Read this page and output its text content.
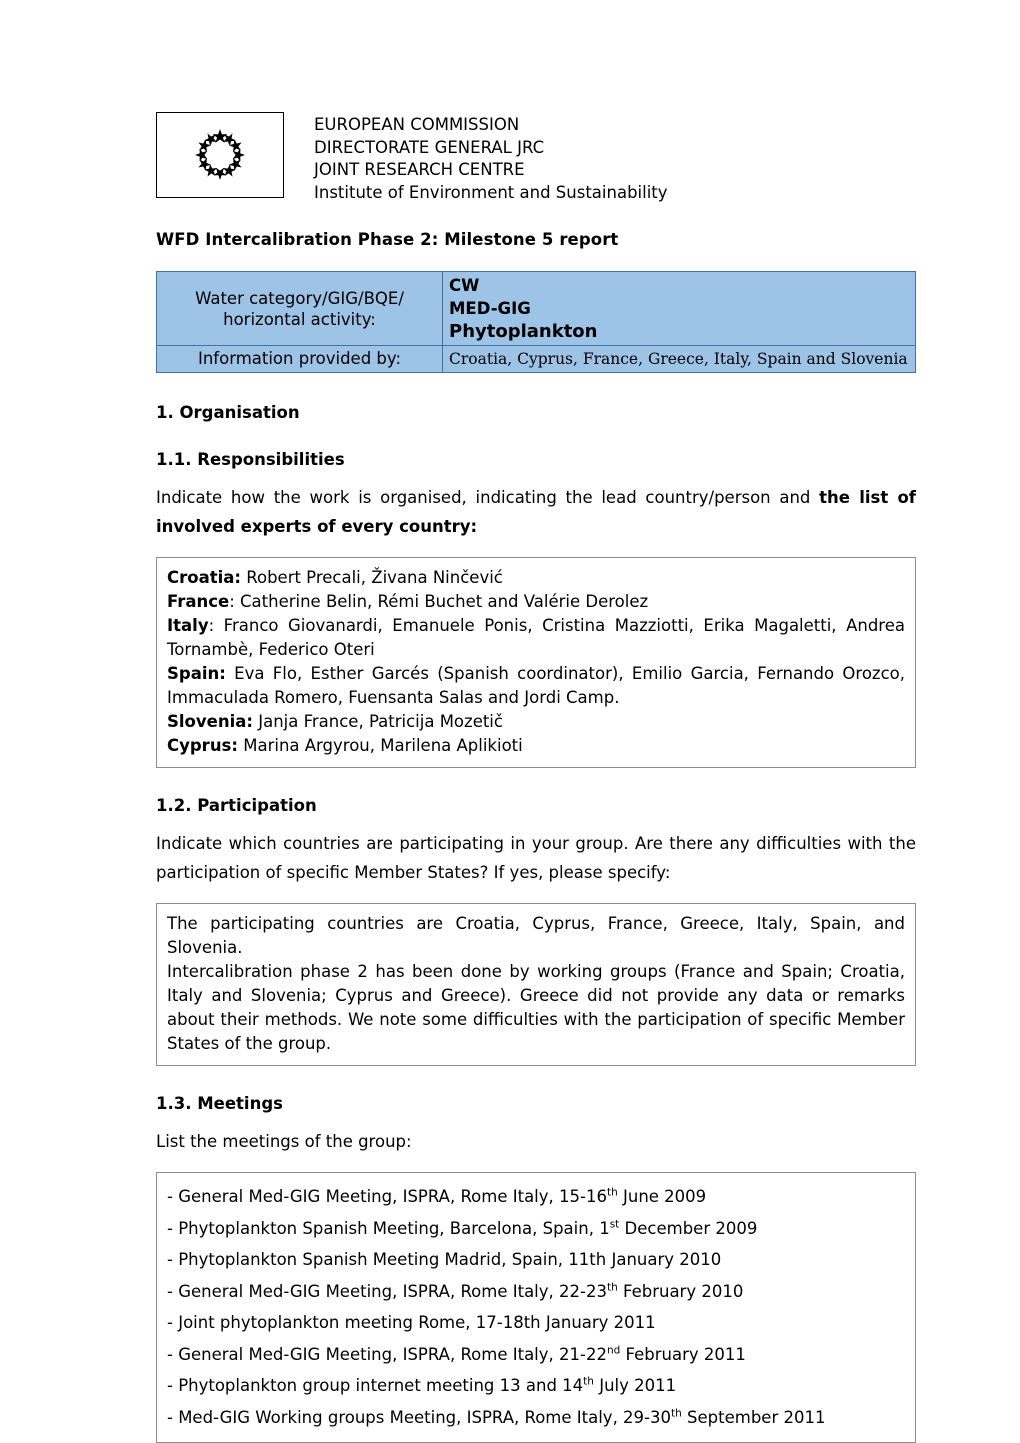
EUROPEAN COMMISSION
DIRECTORATE GENERAL JRC
JOINT RESEARCH CENTRE
Institute of Environment and Sustainability
WFD Intercalibration Phase 2: Milestone 5 report
Water category/GIG/BQE/ horizontal activity:	CW
MED-GIG
Phytoplankton

Information provided by:	Croatia, Cyprus, France, Greece, Italy, Spain and Slovenia
1. Organisation
1.1. Responsibilities

Indicate how the work is organised, indicating the lead country/person and the list of involved experts of every country:

Croatia: Robert Precali, Živana Ninčević

France: Catherine Belin, Rémi Buchet and Valérie Derolez

Italy: Franco Giovanardi, Emanuele Ponis, Cristina Mazziotti, Erika Magaletti, Andrea Tornambè, Federico Oteri

Spain: Eva Flo, Esther Garcés (Spanish coordinator), Emilio Garcia, Fernando Orozco, Immaculada Romero, Fuensanta Salas and Jordi Camp.

Slovenia: Janja France, Patricija Mozetič

Cyprus: Marina Argyrou, Marilena Aplikioti

1.2. Participation

Indicate which countries are participating in your group. Are there any difficulties with the participation of specific Member States? If yes, please specify:

The participating countries are Croatia, Cyprus, France, Greece, Italy, Spain, and Slovenia.

Intercalibration phase 2 has been done by working groups (France and Spain; Croatia, Italy and Slovenia; Cyprus and Greece). Greece did not provide any data or remarks about their methods. We note some difficulties with the participation of specific Member States of the group.

1.3. Meetings

List the meetings of the group:

- General Med-GIG Meeting, ISPRA, Rome Italy, 15-16th June 2009

- Phytoplankton Spanish Meeting, Barcelona, Spain, 1st December 2009

- Phytoplankton Spanish Meeting Madrid, Spain, 11th January 2010

- General Med-GIG Meeting, ISPRA, Rome Italy, 22-23th February 2010

- Joint phytoplankton meeting Rome, 17-18th January 2011

- General Med-GIG Meeting, ISPRA, Rome Italy, 21-22nd February 2011

- Phytoplankton group internet meeting 13 and 14th July 2011

- Med-GIG Working groups Meeting, ISPRA, Rome Italy, 29-30th September 2011
